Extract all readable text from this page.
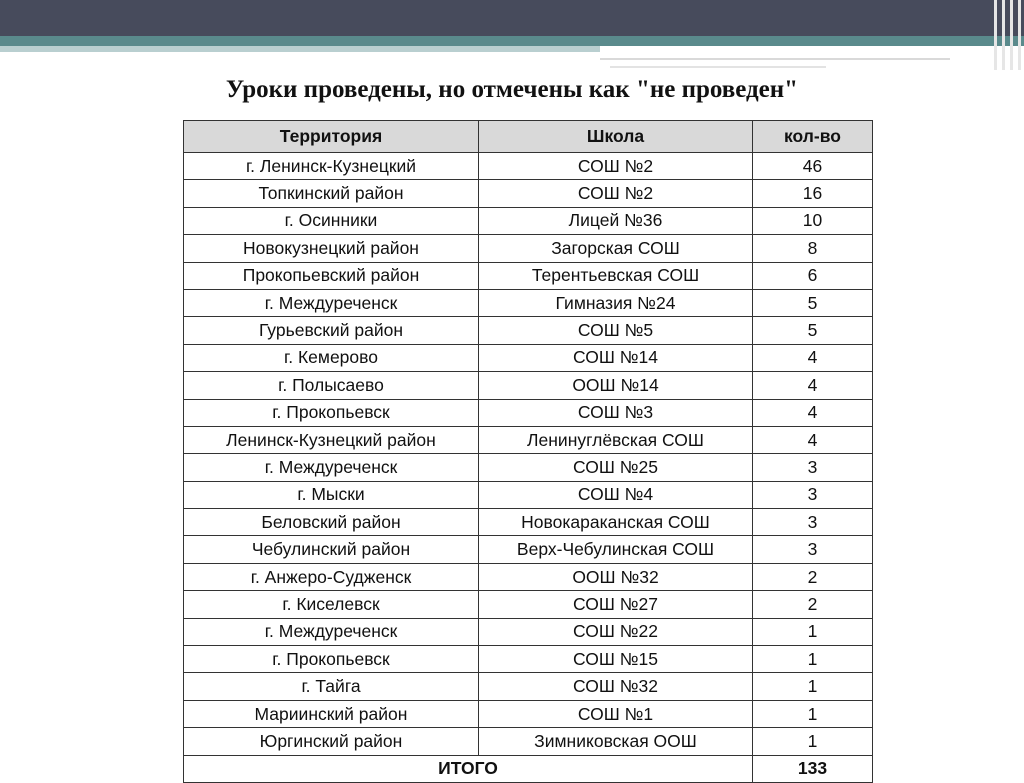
Уроки проведены, но отмечены как "не проведен"
Территория	Школа	кол-во
г. Ленинск-Кузнецкий	СОШ №2	46
Топкинский район	СОШ №2	16
г. Осинники	Лицей №36	10
Новокузнецкий район	Загорская СОШ	8
Прокопьевский район	Терентьевская СОШ	6
г. Междуреченск	Гимназия №24	5
Гурьевский район	СОШ №5	5
г. Кемерово	СОШ №14	4
г. Полысаево	ООШ №14	4
г. Прокопьевск	СОШ №3	4
Ленинск-Кузнецкий район	Ленинуглёвская СОШ	4
г. Междуреченск	СОШ №25	3
г. Мыски	СОШ №4	3
Беловский район	Новокараканская СОШ	3
Чебулинский район	Верх-Чебулинская СОШ	3
г. Анжеро-Судженск	ООШ №32	2
г. Киселевск	СОШ №27	2
г. Междуреченск	СОШ №22	1
г. Прокопьевск	СОШ №15	1
г. Тайга	СОШ №32	1
Мариинский район	СОШ №1	1
Юргинский район	Зимниковская ООШ	1
ИТОГО		133
